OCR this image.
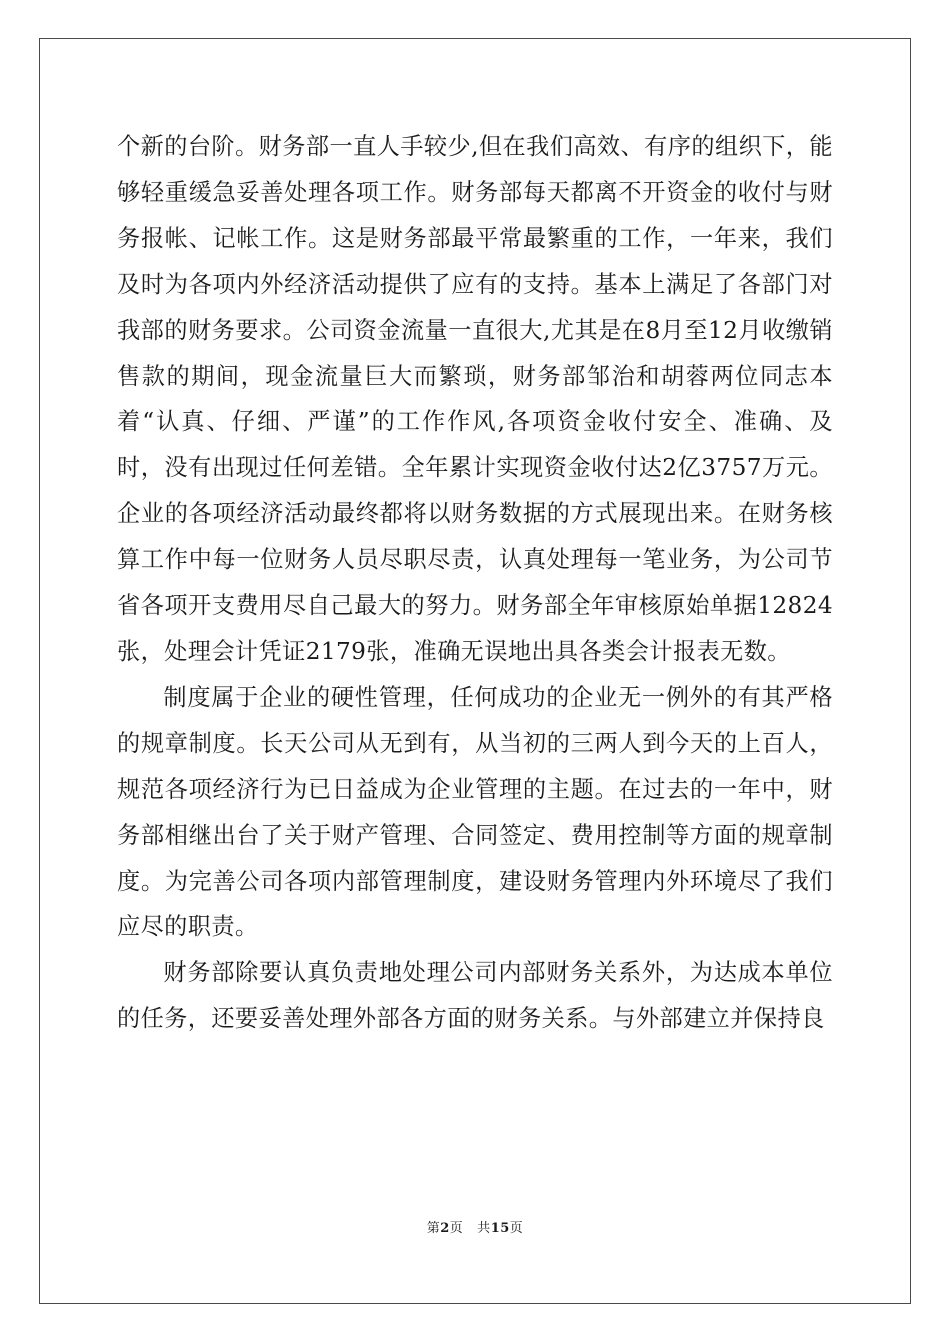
个新的台阶。财务部一直人手较少,但在我们高效、有序的组织下，能够轻重缓急妥善处理各项工作。财务部每天都离不开资金的收付与财务报帐、记帐工作。这是财务部最平常最繁重的工作，一年来，我们及时为各项内外经济活动提供了应有的支持。基本上满足了各部门对我部的财务要求。公司资金流量一直很大,尤其是在8月至12月收缴销售款的期间，现金流量巨大而繁琐，财务部邹治和胡蓉两位同志本着“认真、仔细、严谨”的工作作风,各项资金收付安全、准确、及时，没有出现过任何差错。全年累计实现资金收付达2亿3757万元。企业的各项经济活动最终都将以财务数据的方式展现出来。在财务核算工作中每一位财务人员尽职尽责，认真处理每一笔业务，为公司节省各项开支费用尽自己最大的努力。财务部全年审核原始单据12824张，处理会计凭证2179张，准确无误地出具各类会计报表无数。

制度属于企业的硬性管理，任何成功的企业无一例外的有其严格的规章制度。长天公司从无到有，从当初的三两人到今天的上百人，规范各项经济行为已日益成为企业管理的主题。在过去的一年中，财务部相继出台了关于财产管理、合同签定、费用控制等方面的规章制度。为完善公司各项内部管理制度，建设财务管理内外环境尽了我们应尽的职责。

财务部除要认真负责地处理公司内部财务关系外，为达成本单位的任务，还要妥善处理外部各方面的财务关系。与外部建立并保持良

第2页 共15页
